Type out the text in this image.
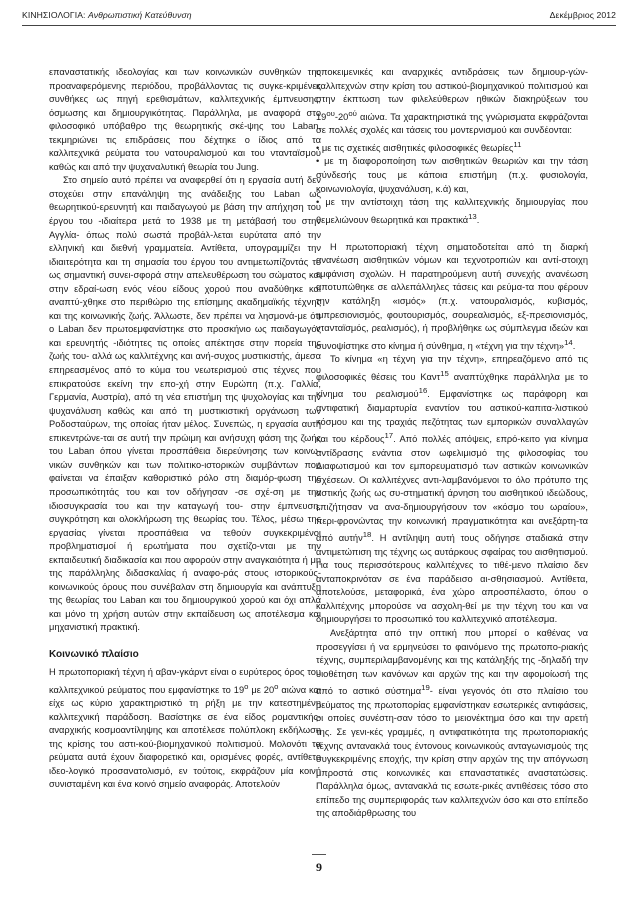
ΚΙΝΗΣΙΟΛΟΓΙΑ: Ανθρωπιστική Κατεύθυνση	Δεκέμβριος 2012

επαναστατικής ιδεολογίας και των κοινωνικών συνθηκών της προαναφερόμενης περιόδου, προβάλλοντας τις συγκε-κριμένες συνθήκες ως πηγή ερεθισμάτων, καλλιτεχνικής έμπνευσης, όσμωσης και δημιουργικότητας. Παράλληλα, με αναφορά στο φιλοσοφικό υπόβαθρο της θεωρητικής σκέ-ψης του Laban, τεκμηριώνει τις επιδράσεις που δέχτηκε ο ίδιος από τα καλλιτεχνικά ρεύματα του νατουραλισμού και του ντανταϊσμού καθώς και από την ψυχαναλυτική θεωρία του Jung.

Στο σημείο αυτό πρέπει να αναφερθεί ότι η εργασία αυτή δεν στοχεύει στην επανάληψη της ανάδειξης του Laban ως θεωρητικού-ερευνητή και παιδαγωγού με βάση την απήχηση του έργου του -ιδιαίτερα μετά το 1938 με τη μετάβασή του στην Αγγλία- όπως πολύ σωστά προβάλ-λεται ευρύτατα από την ελληνική και διεθνή γραμματεία. Αντίθετα, υπογραμμίζει την ιδιαιτερότητα και τη σημασία του έργου του αντιμετωπίζοντάς το ως σημαντική συνει-σφορά στην απελευθέρωση του σώματος και στην εδραί-ωση ενός νέου είδους χορού που αναδύθηκε και αναπτύ-χθηκε στο περιθώριο της επίσημης ακαδημαϊκής τέχνης και της κοινωνικής ζωής. Άλλωστε, δεν πρέπει να λησμονά-με ότι ο Laban δεν πρωτοεμφανίστηκε στο προσκήνιο ως παιδαγωγός και ερευνητής -ιδιότητες τις οποίες απέκτησε στην πορεία της ζωής του- αλλά ως καλλιτέχνης και ανή-συχος μυστικιστής, άμεσα επηρεασμένος από το κύμα του νεωτερισμού στις τέχνες που επικρατούσε εκείνη την επο-χή στην Ευρώπη (π.χ. Γαλλία, Γερμανία, Αυστρία), από τη νέα επιστήμη της ψυχολογίας και την ψυχανάλυση καθώς και από τη μυστικιστική οργάνωση των Ροδοσταύρων, της οποίας ήταν μέλος. Συνεπώς, η εργασία αυτή επικεντρώνε-ται σε αυτή την πρώιμη και ανήσυχη φάση της ζωής του Laban όπου γίνεται προσπάθεια διερεύνησης των κοινω-νικών συνθηκών και των πολιτικο-ιστορικών συμβάντων που φαίνεται να έπαιξαν καθοριστικό ρόλο στη διαμόρ-φωση της προσωπικότητάς του και τον οδήγησαν -σε σχέ-ση με την ιδιοσυγκρασία του και την καταγωγή του- στην έμπνευση, συγκρότηση και ολοκλήρωση της θεωρίας του. Τέλος, μέσω της εργασίας γίνεται προσπάθεια να τεθούν συγκεκριμένοι προβληματισμοί ή ερωτήματα που σχετίζο-νται με την εκπαιδευτική διαδικασία και που αφορούν στην αναγκαιότητα ή μη της παράλληλης διδασκαλίας ή αναφο-ράς στους ιστορικούς-κοινωνικούς όρους που συνέβαλαν στη δημιουργία και ανάπτυξη της θεωρίας του Laban και του δημιουργικού χορού και όχι απλά και μόνο τη χρήση αυτών στην εκπαίδευση ως αποτέλεσμα και μηχανιστική πρακτική.

Κοινωνικό πλαίσιο

Η πρωτοποριακή τέχνη ή αβαν-γκάρντ είναι ο ευρύτερος όρος του καλλιτεχνικού ρεύματος που εμφανίστηκε το $19^o$ με $20^o$ αιώνα και είχε ως κύριο χαρακτηριστικό τη ρήξη με την κατεστημένη καλλιτεχνική παράδοση. Βασίστηκε σε ένα είδος ρομαντικής-αναρχικής κοσμοαντίληψης και αποτέλεσε πολύπλοκη εκδήλωση της κρίσης του αστι-κού-βιομηχανικού πολιτισμού. Μολονότι τα ρεύματα αυτά έχουν διαφορετικό και, ορισμένες φορές, αντίθετο ιδεο-λογικό προσανατολισμό, εν τούτοις, εκφράζουν μία κοινή συνισταμένη και ένα κοινό σημείο αναφοράς. Αποτελούν

υποκειμενικές και αναρχικές αντιδράσεις των δημιουρ-γών-καλλιτεχνών στην κρίση του αστικού-βιομηχανικού πολιτισμού και στην έκπτωση των φιλελεύθερων ηθικών διακηρύξεων του $19^{o\upsilon}-20^{oύ}$ αιώνα. Τα χαρακτηριστικά της γνώρισματα εκφράζονται σε πολλές σχολές και τάσεις του μοντερνισμού και συνδέονται:

• με τις σχετικές αισθητικές φιλοσοφικές θεωρίες$^{11}$
• με τη διαφοροποίηση των αισθητικών θεωριών και την τάση σύνδεσής τους με κάποια επιστήμη (π.χ. φυσιολογία, κοινωνιολογία, ψυχανάλυση, κ.ά) και,
• με την αντίστοιχη τάση της καλλιτεχνικής δημιουργίας που θεμελιώνουν θεωρητικά και πρακτικά$^{13}$.

Η πρωτοποριακή τέχνη σηματοδοτείται από τη διαρκή ανανέωση αισθητικών νόμων και τεχνοτροπιών και αντί-στοιχη εμφάνιση σχολών. Η παρατηρούμενη αυτή συνεχής ανανέωση αποτυπώθηκε σε αλλεπάλληλες τάσεις και ρεύμα-τα που φέρουν την κατάληξη «ισμός» (π.χ. νατουραλισμός, κυβισμός, ιμπρεσιονισμός, φουτουρισμός, σουρεαλισμός, εξ-πρεσιονισμός, ντανταϊσμός, ρεαλισμός), ή προβλήθηκε ως σύμπλεγμα ιδεών και συνοψίστηκε στο κίνημα ή σύνθημα, η «τέχνη για την τέχνη»$^{14}$.

Το κίνημα «η τέχνη για την τέχνη», επηρεαζόμενο από τις φιλοσοφικές θέσεις του Καντ$^{15}$ αναπτύχθηκε παράλληλα με το κίνημα του ρεαλισμού$^{16}$. Εμφανίστηκε ως παράφορη και αντιφατική διαμαρτυρία εναντίον του αστικού-καπιτα-λιστικού κόσμου και της τραχιάς πεζότητας των εμπορικών συναλλαγών και του κέρδους$^{17}$. Από πολλές απόψεις, επρό-κειτο για κίνημα αντίδρασης ενάντια στον ωφελιμισμό της φιλοσοφίας του Διαφωτισμού και τον εμπορευματισμό των αστικών κοινωνικών σχέσεων. Οι καλλιτέχνες αντι-λαμβανόμενοι το όλο πρότυπο της αστικής ζωής ως συ-στηματική άρνηση του αισθητικού ιδεώδους, επιζήτησαν να ανα-δημιουργήσουν τον «κόσμο του ωραίου», περι-φρονώντας την κοινωνική πραγματικότητα και ανεξάρτη-τα από αυτήν$^{18}$. Η αντίληψη αυτή τους οδήγησε σταδιακά στην αντιμετώπιση της τέχνης ως αυτάρκους σφαίρας του αισθητισμού. Για τους περισσότερους καλλιτέχνες το τιθέ-μενο πλαίσιο δεν ανταποκρινόταν σε ένα παράδεισο αι-σθησιασμού. Αντίθετα, αποτελούσε, μεταφορικά, ένα χώρο απροσπέλαστο, όπου ο καλλιτέχνης μπορούσε να ασχολη-θεί με την τέχνη του και να δημιουργήσει το προσωπικό του καλλιτεχνικό αποτέλεσμα.

Ανεξάρτητα από την οπτική που μπορεί ο καθένας να προσεγγίσει ή να ερμηνεύσει το φαινόμενο της πρωτοπο-ριακής τέχνης, συμπεριλαμβανομένης και της κατάληξής της -δηλαδή την υιοθέτηση των κανόνων και αρχών της και την αφομοίωσή της από το αστικό σύστημα$^{19}$- είναι γεγονός ότι στο πλαίσιο του ρεύματος της πρωτοπορίας εμφανίστηκαν εσωτερικές αντιφάσεις, οι οποίες συνέστη-σαν τόσο το μειονέκτημα όσο και την αρετή της. Σε γενι-κές γραμμές, η αντιφατικότητα της πρωτοποριακής τέχνης αντανακλά τους έντονους κοινωνικούς ανταγωνισμούς της συγκεκριμένης εποχής, την κρίση στην αρχών της την απόγνωση μπροστά στις κοινωνικές και επαναστατικές αναστατώσεις. Παράλληλα όμως, αντανακλά τις εσωτε-ρικές αντιθέσεις τόσο στο επίπεδο της συμπεριφοράς των καλλιτεχνών όσο και στο επίπεδο της αποδιάρθρωσης του

9
